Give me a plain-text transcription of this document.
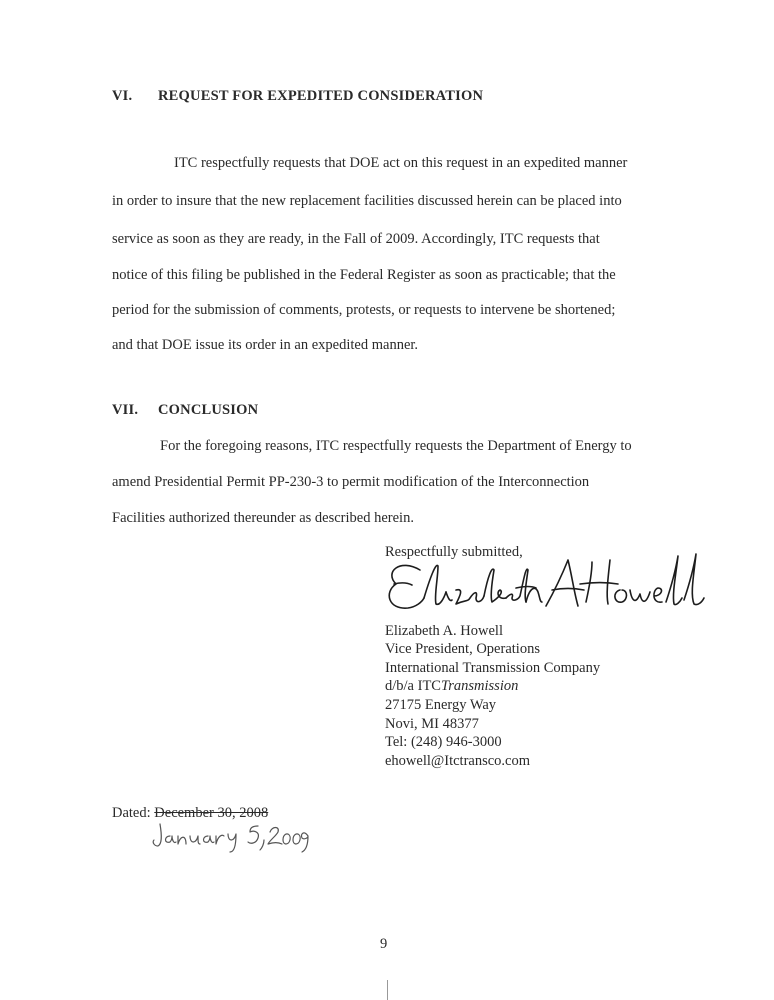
VI. REQUEST FOR EXPEDITED CONSIDERATION
ITC respectfully requests that DOE act on this request in an expedited manner
in order to insure that the new replacement facilities discussed herein can be placed into
service as soon as they are ready, in the Fall of 2009. Accordingly, ITC requests that
notice of this filing be published in the Federal Register as soon as practicable; that the
period for the submission of comments, protests, or requests to intervene be shortened;
and that DOE issue its order in an expedited manner.
VII. CONCLUSION
For the foregoing reasons, ITC respectfully requests the Department of Energy to
amend Presidential Permit PP-230-3 to permit modification of the Interconnection
Facilities authorized thereunder as described herein.
Respectfully submitted,
Elizabeth A. Howell
Vice President, Operations
International Transmission Company
d/b/a ITCTransmission
27175 Energy Way
Novi, MI 48377
Tel: (248) 946-3000
ehowell@Itctransco.com
Dated: December 30, 2008
9
